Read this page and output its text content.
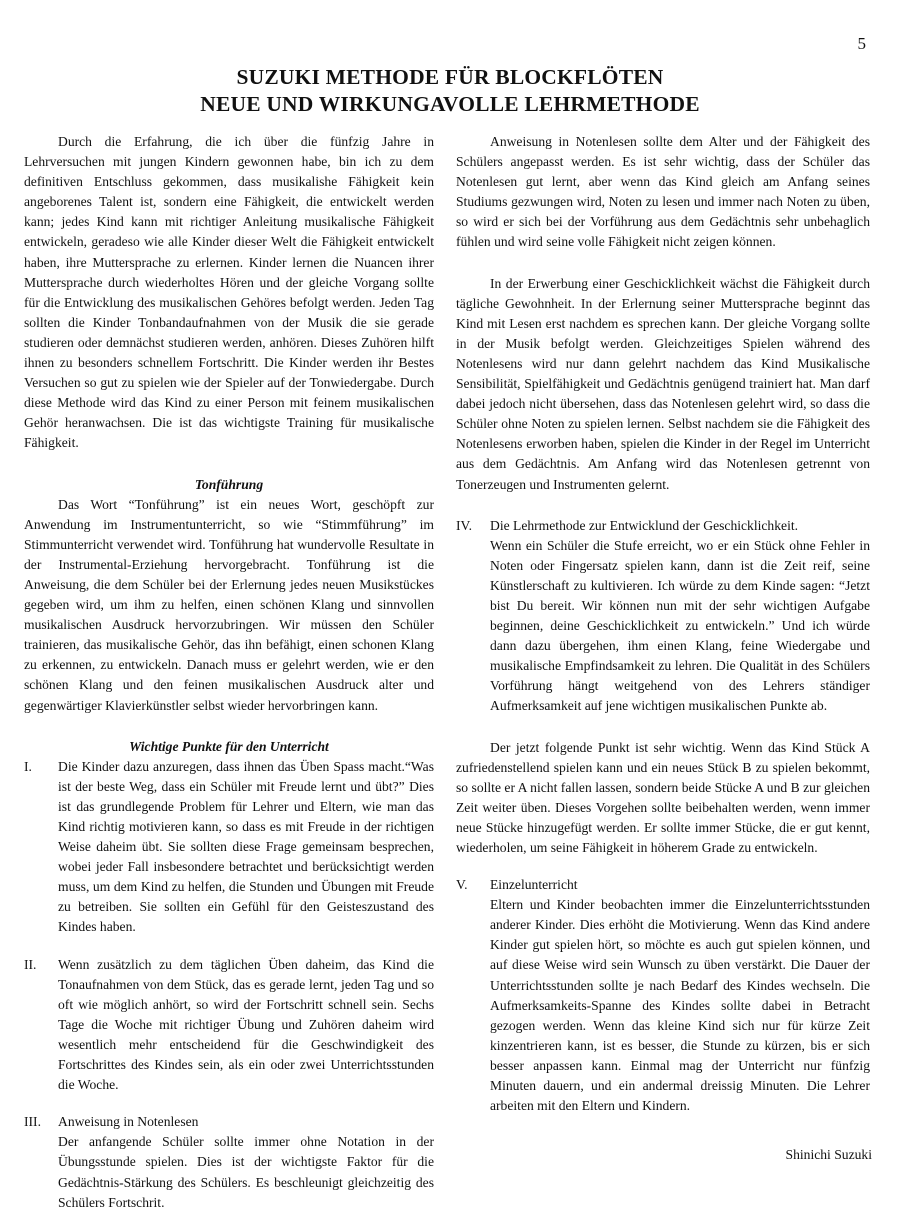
5
SUZUKI METHODE FÜR BLOCKFLÖTEN
NEUE UND WIRKUNGAVOLLE LEHRMETHODE

Durch die Erfahrung, die ich über die fünfzig Jahre in Lehrversuchen mit jungen Kindern gewonnen habe, bin ich zu dem definitiven Entschluss gekommen, dass musikalishe Fähigkeit kein angeborenes Talent ist, sondern eine Fähigkeit, die entwickelt werden kann; jedes Kind kann mit richtiger Anleitung musikalische Fähigkeit entwickeln, geradeso wie alle Kinder dieser Welt die Fähigkeit entwickelt haben, ihre Muttersprache zu erlernen. Kinder lernen die Nuancen ihrer Muttersprache durch wiederholtes Hören und der gleiche Vorgang sollte für die Entwicklung des musikalischen Gehöres befolgt werden. Jeden Tag sollten die Kinder Tonbandaufnahmen von der Musik die sie gerade studieren oder demnächst studieren werden, anhören. Dieses Zuhören hilft ihnen zu besonders schnellem Fortschritt. Die Kinder werden ihr Bestes Versuchen so gut zu spielen wie der Spieler auf der Tonwiedergabe. Durch diese Methode wird das Kind zu einer Person mit feinem musikalischen Gehör heranwachsen. Die ist das wichtigste Training für musikalische Fähigkeit.

Tonführung

Das Wort “Tonführung” ist ein neues Wort, geschöpft zur Anwendung im Instrumentunterricht, so wie “Stimmführung” im Stimmunterricht verwendet wird. Tonführung hat wundervolle Resultate in der Instrumental-Erziehung hervorgebracht. Tonführung ist die Anweisung, die dem Schüler bei der Erlernung jedes neuen Musikstückes gegeben wird, um ihm zu helfen, einen schönen Klang und sinnvollen musikalischen Ausdruck hervorzubringen. Wir müssen den Schüler trainieren, das musikalische Gehör, das ihn befähigt, einen schonen Klang zu erkennen, zu entwickeln. Danach muss er gelehrt werden, wie er den schönen Klang und den feinen musikalischen Ausdruck alter und gegenwärtiger Klavierkünstler selbst wieder hervorbringen kann.

Wichtige Punkte für den Unterricht

I.	Die Kinder dazu anzuregen, dass ihnen das Üben Spass macht.“Was ist der beste Weg, dass ein Schüler mit Freude lernt und übt?” Dies ist das grundlegende Problem für Lehrer und Eltern, wie man das Kind richtig motivieren kann, so dass es mit Freude in der richtigen Weise daheim übt. Sie sollten diese Frage gemeinsam besprechen, wobei jeder Fall insbesondere betrachtet und berücksichtigt werden muss, um dem Kind zu helfen, die Stunden und Übungen mit Freude zu betreiben. Sie sollten ein Gefühl für den Geisteszustand des Kindes haben.

II.	Wenn zusätzlich zu dem täglichen Üben daheim, das Kind die Tonaufnahmen von dem Stück, das es gerade lernt, jeden Tag und so oft wie möglich anhört, so wird der Fortschritt schnell sein. Sechs Tage die Woche mit richtiger Übung und Zuhören daheim wird wesentlich mehr entscheidend für die Geschwindigkeit des Fortschrittes des Kindes sein, als ein oder zwei Unterrichtsstunden die Woche.

III.	Anweisung in Notenlesen

Der anfangende Schüler sollte immer ohne Notation in der Übungsstunde spielen. Dies ist der wichtigste Faktor für die Gedächtnis-Stärkung des Schülers. Es beschleunigt gleichzeitig des Schülers Fortschrit.

Anweisung in Notenlesen sollte dem Alter und der Fähigkeit des Schülers angepasst werden. Es ist sehr wichtig, dass der Schüler das Notenlesen gut lernt, aber wenn das Kind gleich am Anfang seines Studiums gezwungen wird, Noten zu lesen und immer nach Noten zu üben, so wird er sich bei der Vorführung aus dem Gedächtnis sehr unbehaglich fühlen und wird seine volle Fähigkeit nicht zeigen können.

In der Erwerbung einer Geschicklichkeit wächst die Fähigkeit durch tägliche Gewohnheit. In der Erlernung seiner Muttersprache beginnt das Kind mit Lesen erst nachdem es sprechen kann. Der gleiche Vorgang sollte in der Musik befolgt werden. Gleichzeitiges Spielen während des Notenlesens wird nur dann gelehrt nachdem das Kind Musikalische Sensibilität, Spielfähigkeit und Gedächtnis genügend trainiert hat. Man darf dabei jedoch nicht übersehen, dass das Notenlesen gelehrt wird, so dass die Schüler ohne Noten zu spielen lernen. Selbst nachdem sie die Fähigkeit des Notenlesens erworben haben, spielen die Kinder in der Regel im Unterricht aus dem Gedächtnis. Am Anfang wird das Notenlesen getrennt von Tonerzeugen und Instrumenten gelernt.

IV.	Die Lehrmethode zur Entwicklund der Geschicklichkeit.

Wenn ein Schüler die Stufe erreicht, wo er ein Stück ohne Fehler in Noten oder Fingersatz spielen kann, dann ist die Zeit reif, seine Künstlerschaft zu kultivieren. Ich würde zu dem Kinde sagen: “Jetzt bist Du bereit. Wir können nun mit der sehr wichtigen Aufgabe beginnen, deine Geschicklichkeit zu entwickeln.” Und ich würde dann dazu übergehen, ihm einen Klang, feine Wiedergabe und musikalische Empfindsamkeit zu lehren. Die Qualität in des Schülers Vorführung hängt weitgehend von des Lehrers ständiger Aufmerksamkeit auf jene wichtigen musikalischen Punkte ab.

Der jetzt folgende Punkt ist sehr wichtig. Wenn das Kind Stück A zufriedenstellend spielen kann und ein neues Stück B zu spielen bekommt, so sollte er A nicht fallen lassen, sondern beide Stücke A und B zur gleichen Zeit weiter üben. Dieses Vorgehen sollte beibehalten werden, wenn immer neue Stücke hinzugefügt werden. Er sollte immer Stücke, die er gut kennt, wiederholen, um seine Fähigkeit in höherem Grade zu entwickeln.

V.	Einzelunterricht

Eltern und Kinder beobachten immer die Einzelunterrichtsstunden anderer Kinder. Dies erhöht die Motivierung. Wenn das Kind andere Kinder gut spielen hört, so möchte es auch gut spielen können, und auf diese Weise wird sein Wunsch zu üben verstärkt. Die Dauer der Unterrichtsstunden sollte je nach Bedarf des Kindes wechseln. Die Aufmerksamkeits-Spanne des Kindes sollte dabei in Betracht gezogen werden. Wenn das kleine Kind sich nur für kürze Zeit kinzentrieren kann, ist es besser, die Stunde zu kürzen, bis er sich besser anpassen kann. Einmal mag der Unterricht nur fünfzig Minuten dauern, und ein andermal dreissig Minuten. Die Lehrer arbeiten mit den Eltern und Kindern.

Shinichi Suzuki
